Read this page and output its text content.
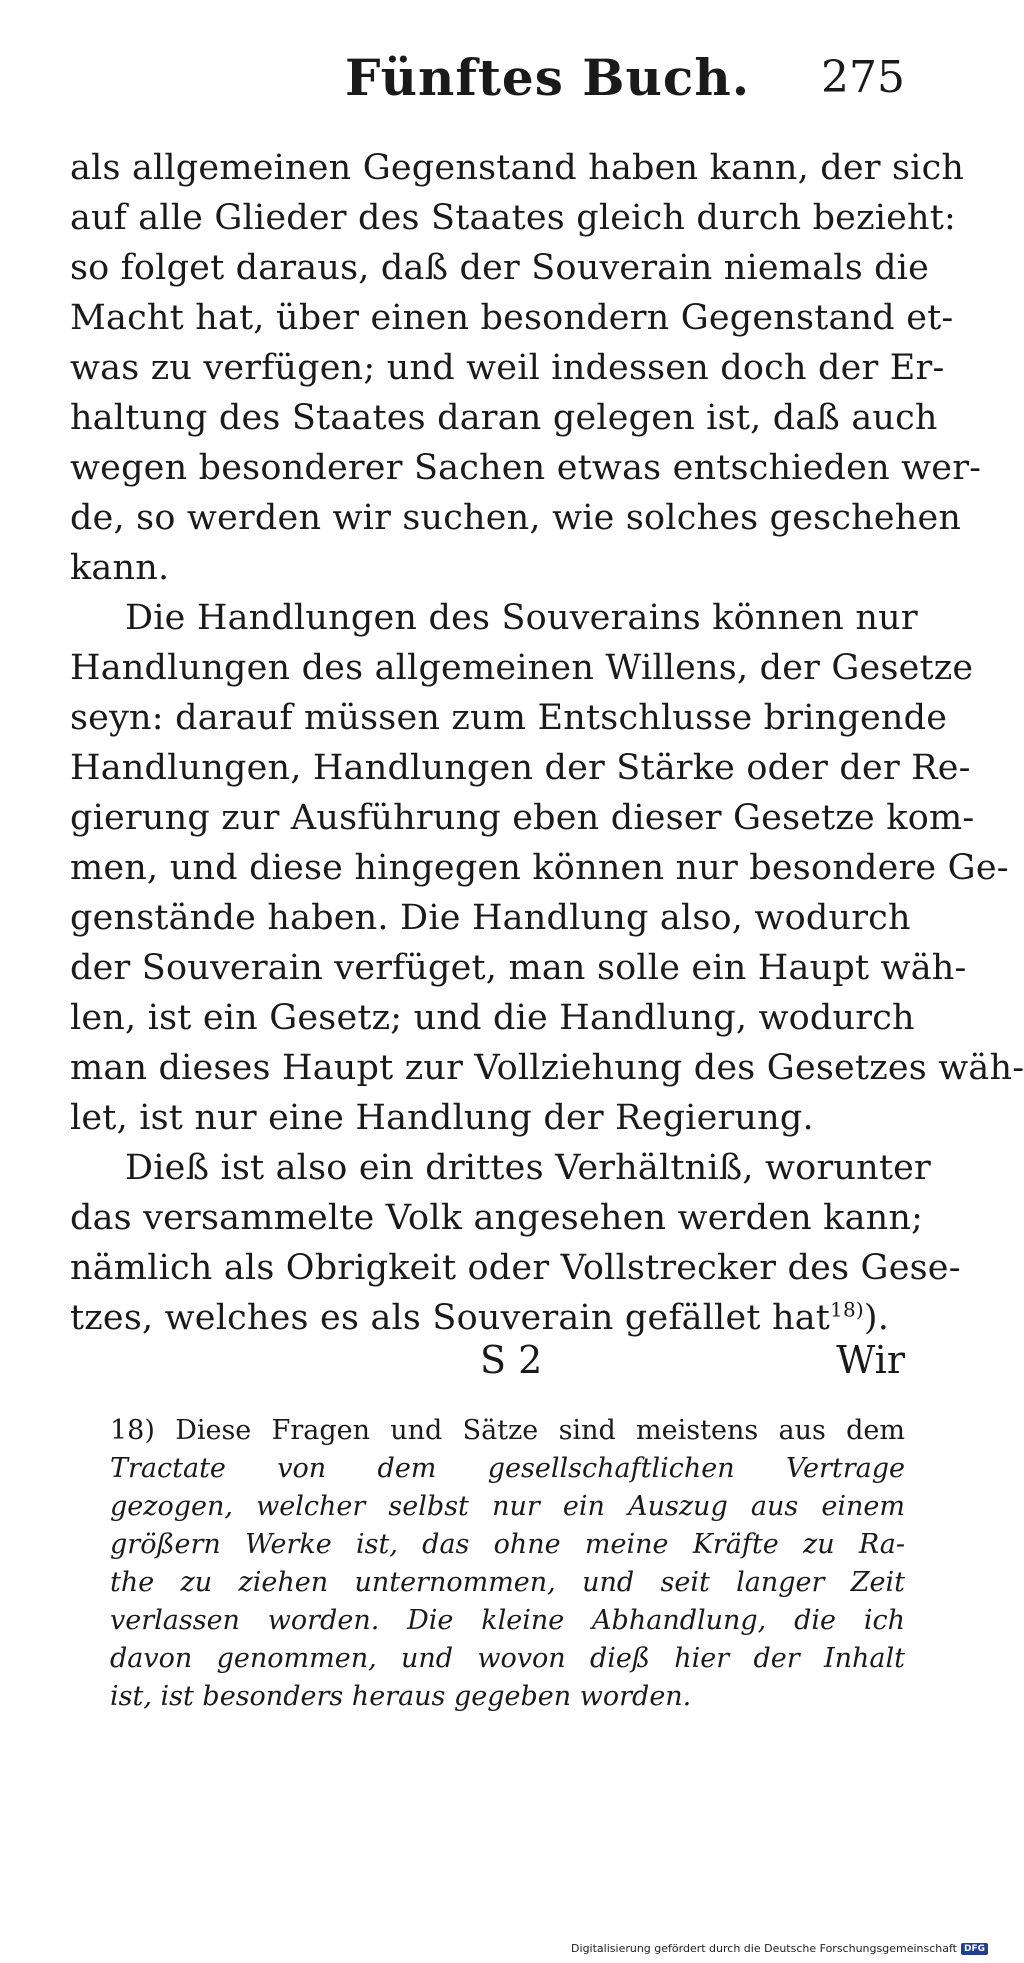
Fünftes Buch. 275
als allgemeinen Gegenstand haben kann, der sich
auf alle Glieder des Staates gleich durch bezieht:
so folget daraus, daß der Souverain niemals die
Macht hat, über einen besondern Gegenstand et-
was zu verfügen; und weil indessen doch der Er-
haltung des Staates daran gelegen ist, daß auch
wegen besonderer Sachen etwas entschieden wer-
de, so werden wir suchen, wie solches geschehen
kann.
Die Handlungen des Souverains können nur
Handlungen des allgemeinen Willens, der Gesetze
seyn: darauf müssen zum Entschlusse bringende
Handlungen, Handlungen der Stärke oder der Re-
gierung zur Ausführung eben dieser Gesetze kom-
men, und diese hingegen können nur besondere Ge-
genstände haben. Die Handlung also, wodurch
der Souverain verfüget, man solle ein Haupt wäh-
len, ist ein Gesetz; und die Handlung, wodurch
man dieses Haupt zur Vollziehung des Gesetzes wäh-
let, ist nur eine Handlung der Regierung.
Dieß ist also ein drittes Verhältniß, worunter
das versammelte Volk angesehen werden kann;
nämlich als Obrigkeit oder Vollstrecker des Gese-
tzes, welches es als Souverain gefället hat$^{18)}$).
S 2	Wir
18) Diese Fragen und Sätze sind meistens aus dem
Tractate von dem gesellschaftlichen Vertrage
gezogen, welcher selbst nur ein Auszug aus einem
größern Werke ist, das ohne meine Kräfte zu Ra-
the zu ziehen unternommen, und seit langer Zeit
verlassen worden. Die kleine Abhandlung, die ich
davon genommen, und wovon dieß hier der Inhalt
ist, ist besonders heraus gegeben worden.
Digitalisierung gefördert durch die Deutsche Forschungsgemeinschaft DFG
